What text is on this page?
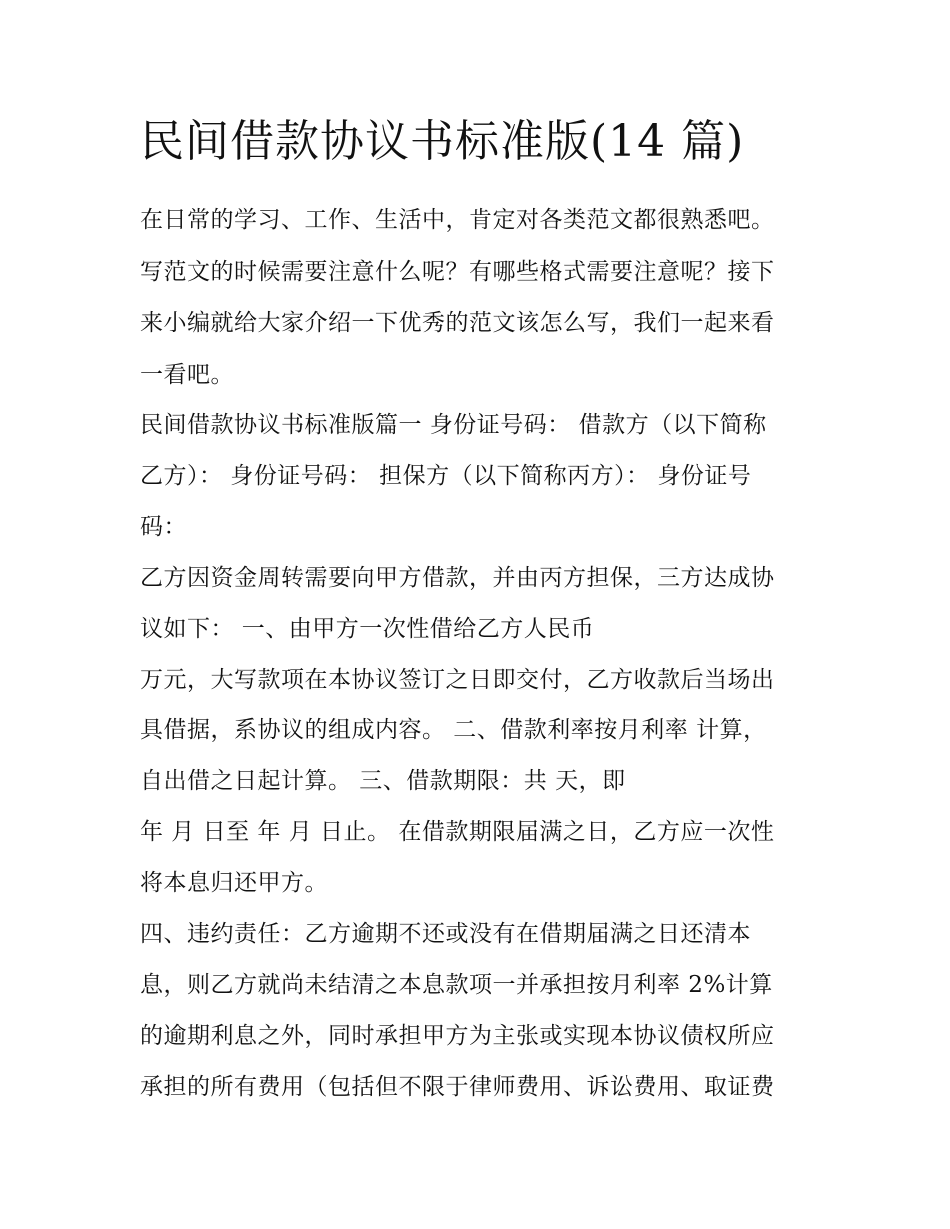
民间借款协议书标准版(14 篇)
在日常的学习、工作、生活中，肯定对各类范文都很熟悉吧。
写范文的时候需要注意什么呢？有哪些格式需要注意呢？接下
来小编就给大家介绍一下优秀的范文该怎么写，我们一起来看
一看吧。
民间借款协议书标准版篇一 身份证号码： 借款方（以下简称
乙方）： 身份证号码： 担保方（以下简称丙方）： 身份证号
码：
乙方因资金周转需要向甲方借款，并由丙方担保，三方达成协
议如下： 一、由甲方一次性借给乙方人民币
万元，大写款项在本协议签订之日即交付，乙方收款后当场出
具借据，系协议的组成内容。 二、借款利率按月利率 计算，
自出借之日起计算。 三、借款期限：共 天，即
年 月 日至 年 月 日止。 在借款期限届满之日，乙方应一次性
将本息归还甲方。
四、违约责任：乙方逾期不还或没有在借期届满之日还清本
息，则乙方就尚未结清之本息款项一并承担按月利率 2%计算
的逾期利息之外，同时承担甲方为主张或实现本协议债权所应
承担的所有费用（包括但不限于律师费用、诉讼费用、取证费
